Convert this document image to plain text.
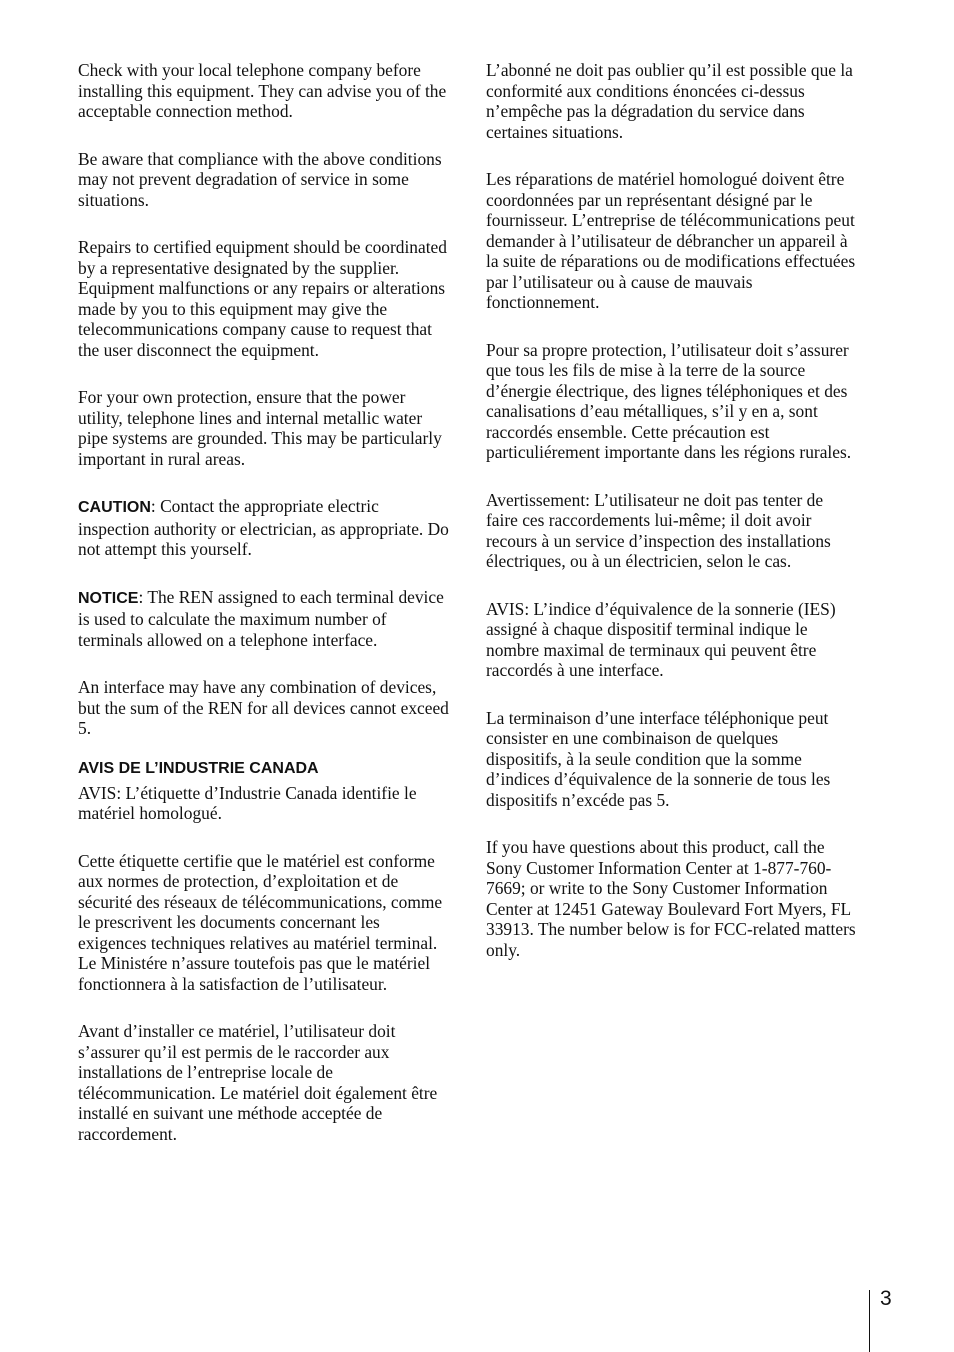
Check with your local telephone company before installing this equipment. They can advise you of the acceptable connection method.

Be aware that compliance with the above conditions may not prevent degradation of service in some situations.

Repairs to certified equipment should be coordinated by a representative designated by the supplier. Equipment malfunctions or any repairs or alterations made by you to this equipment may give the telecommunications company cause to request that the user disconnect the equipment.

For your own protection, ensure that the power utility, telephone lines and internal metallic water pipe systems are grounded. This may be particularly important in rural areas.

CAUTION: Contact the appropriate electric inspection authority or electrician, as appropriate. Do not attempt this yourself.

NOTICE: The REN assigned to each terminal device is used to calculate the maximum number of terminals allowed on a telephone interface.

An interface may have any combination of devices, but the sum of the REN for all devices cannot exceed 5.

AVIS DE L’INDUSTRIE CANADA

AVIS: L’étiquette d’Industrie Canada identifie le matériel homologué.

Cette étiquette certifie que le matériel est conforme aux normes de protection, d’exploitation et de sécurité des réseaux de télécommunications, comme le prescrivent les documents concernant les exigences techniques relatives au matériel terminal. Le Ministére n’assure toutefois pas que le matériel fonctionnera à la satisfaction de l’utilisateur.

Avant d’installer ce matériel, l’utilisateur doit s’assurer qu’il est permis de le raccorder aux installations de l’entreprise locale de télécommunication. Le matériel doit également être installé en suivant une méthode acceptée de raccordement.

L’abonné ne doit pas oublier qu’il est possible que la conformité aux conditions énoncées ci-dessus n’empêche pas la dégradation du service dans certaines situations.

Les réparations de matériel homologué doivent être coordonnées par un représentant désigné par le fournisseur. L’entreprise de télécommunications peut demander à l’utilisateur de débrancher un appareil à la suite de réparations ou de modifications effectuées par l’utilisateur ou à cause de mauvais fonctionnement.

Pour sa propre protection, l’utilisateur doit s’assurer que tous les fils de mise à la terre de la source d’énergie électrique, des lignes téléphoniques et des canalisations d’eau métalliques, s’il y en a, sont raccordés ensemble. Cette précaution est particuliérement importante dans les régions rurales.

Avertissement: L’utilisateur ne doit pas tenter de faire ces raccordements lui-même; il doit avoir recours à un service d’inspection des installations électriques, ou à un électricien, selon le cas.

AVIS: L’indice d’équivalence de la sonnerie (IES) assigné à chaque dispositif terminal indique le nombre maximal de terminaux qui peuvent être raccordés à une interface.

La terminaison d’une interface téléphonique peut consister en une combinaison de quelques dispositifs, à la seule condition que la somme d’indices d’équivalence de la sonnerie de tous les dispositifs n’excéde pas 5.

If you have questions about this product, call the Sony Customer Information Center at 1-877-760-7669; or write to the Sony Customer Information Center at 12451 Gateway Boulevard Fort Myers, FL 33913. The number below is for FCC-related matters only.

3
